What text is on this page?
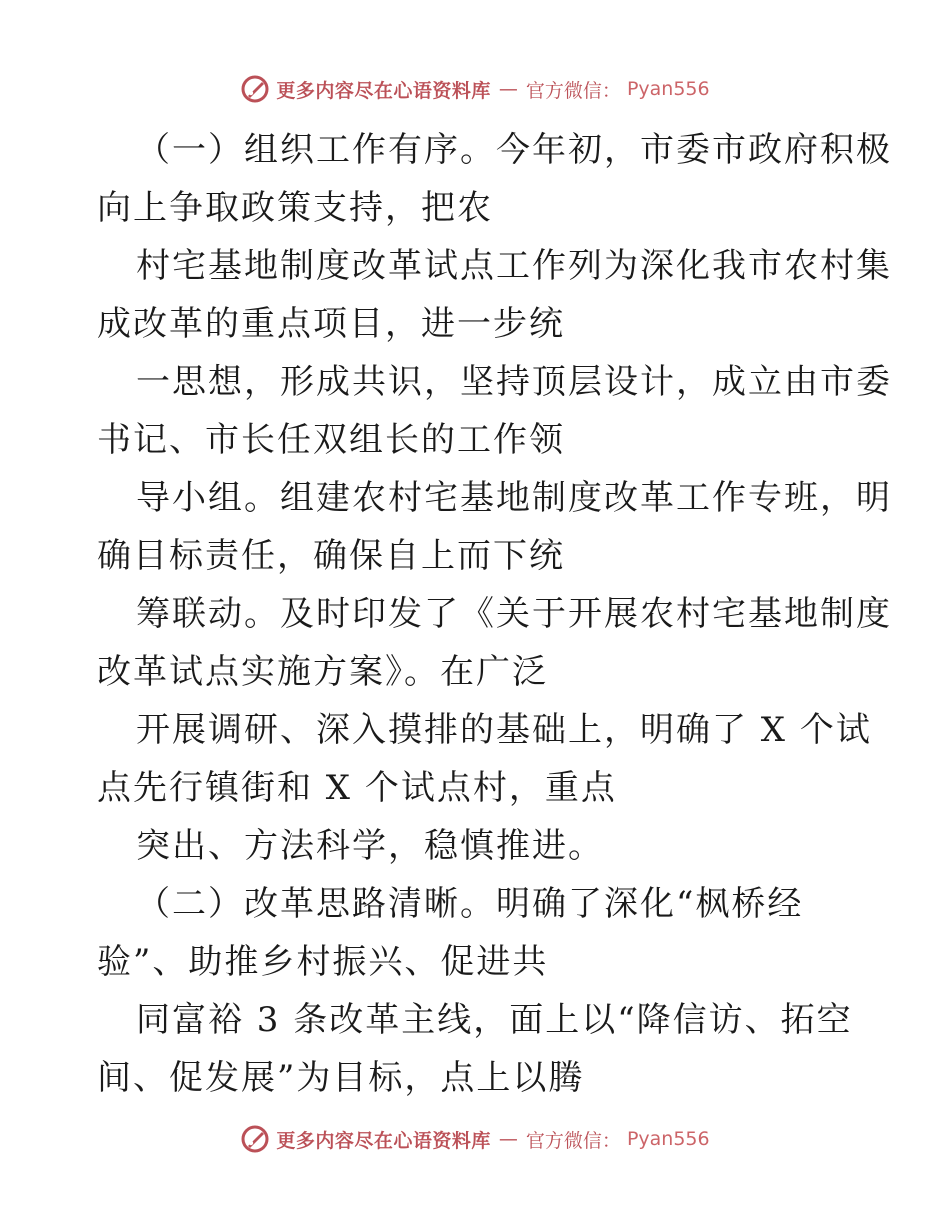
更多内容尽在心语资料库 — 官方微信： Pyan556
（一）组织工作有序。今年初，市委市政府积极
向上争取政策支持，把农
村宅基地制度改革试点工作列为深化我市农村集
成改革的重点项目，进一步统
一思想，形成共识，坚持顶层设计，成立由市委
书记、市长任双组长的工作领
导小组。组建农村宅基地制度改革工作专班，明
确目标责任，确保自上而下统
筹联动。及时印发了《关于开展农村宅基地制度
改革试点实施方案》。在广泛
开展调研、深入摸排的基础上，明确了 X 个试
点先行镇街和 X 个试点村，重点
突出、方法科学，稳慎推进。
（二）改革思路清晰。明确了深化“枫桥经
验”、助推乡村振兴、促进共
同富裕 3 条改革主线，面上以“降信访、拓空
间、促发展”为目标，点上以腾
更多内容尽在心语资料库 — 官方微信： Pyan556
